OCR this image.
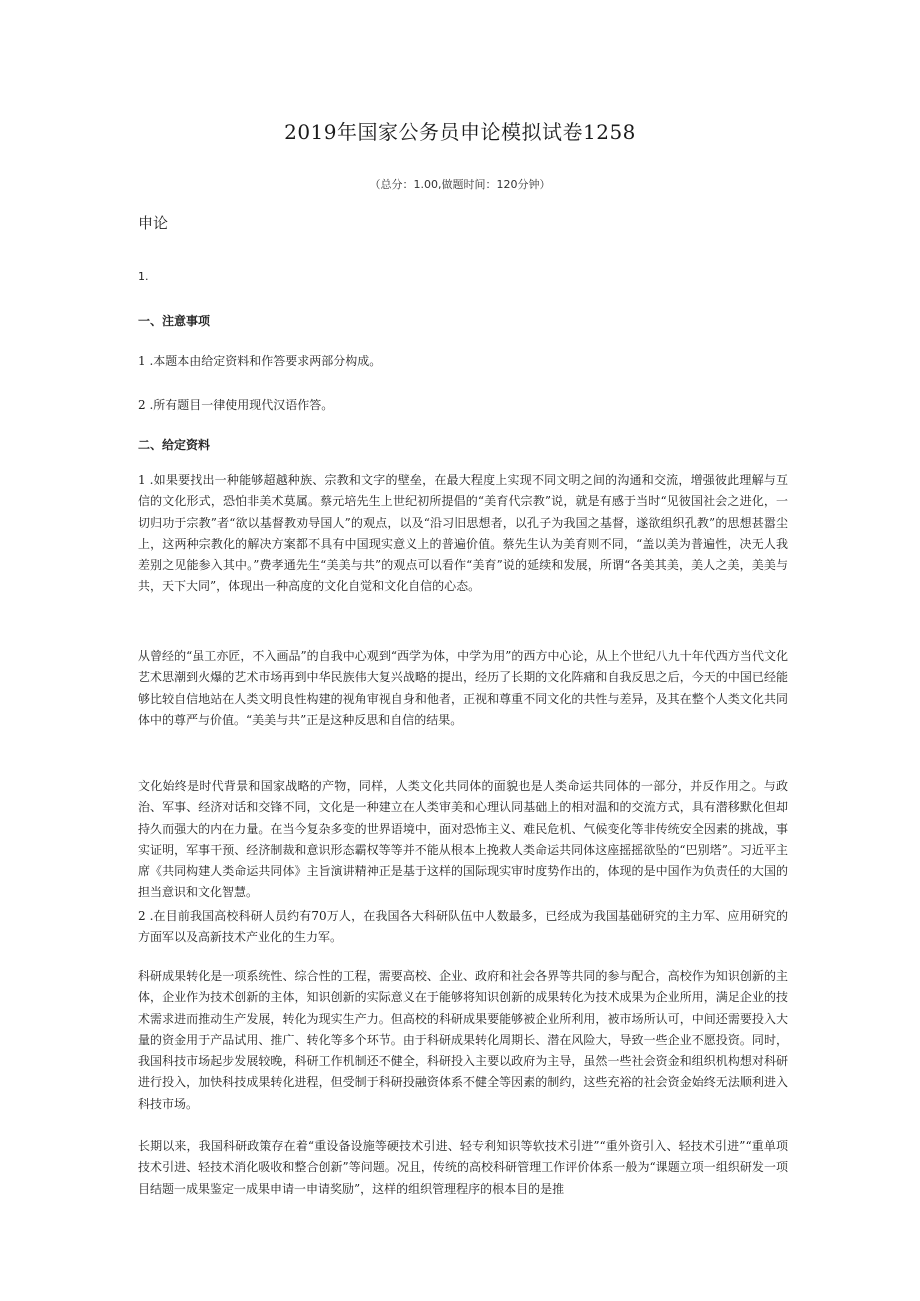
2019年国家公务员申论模拟试卷1258
（总分：1.00,做题时间：120分钟）
申论
1.
一、注意事项
1 .本题本由给定资料和作答要求两部分构成。
2 .所有题目一律使用现代汉语作答。
二、给定资料
1 .如果要找出一种能够超越种族、宗教和文字的壁垒，在最大程度上实现不同文明之间的沟通和交流，增强彼此理解与互信的文化形式，恐怕非美术莫属。蔡元培先生上世纪初所提倡的“美育代宗教”说，就是有感于当时“见彼国社会之进化，一切归功于宗教”者“欲以基督教劝导国人”的观点，以及“沿习旧思想者，以孔子为我国之基督，遂欲组织孔教”的思想甚嚣尘上，这两种宗教化的解决方案都不具有中国现实意义上的普遍价值。蔡先生认为美育则不同，“盖以美为普遍性，决无人我差别之见能参入其中。”费孝通先生“美美与共”的观点可以看作“美育”说的延续和发展，所谓“各美其美，美人之美，美美与共，天下大同”，体现出一种高度的文化自觉和文化自信的心态。
从曾经的“虽工亦匠，不入画品”的自我中心观到“西学为体，中学为用”的西方中心论，从上个世纪八九十年代西方当代文化艺术思潮到火爆的艺术市场再到中华民族伟大复兴战略的提出，经历了长期的文化阵痛和自我反思之后，今天的中国已经能够比较自信地站在人类文明良性构建的视角审视自身和他者，正视和尊重不同文化的共性与差异，及其在整个人类文化共同体中的尊严与价值。“美美与共”正是这种反思和自信的结果。
文化始终是时代背景和国家战略的产物，同样，人类文化共同体的面貌也是人类命运共同体的一部分，并反作用之。与政治、军事、经济对话和交锋不同，文化是一种建立在人类审美和心理认同基础上的相对温和的交流方式，具有潜移默化但却持久而强大的内在力量。在当今复杂多变的世界语境中，面对恐怖主义、难民危机、气候变化等非传统安全因素的挑战，事实证明，军事干预、经济制裁和意识形态霸权等等并不能从根本上挽救人类命运共同体这座摇摇欲坠的“巴别塔”。习近平主席《共同构建人类命运共同体》主旨演讲精神正是基于这样的国际现实审时度势作出的，体现的是中国作为负责任的大国的担当意识和文化智慧。
2 .在目前我国高校科研人员约有70万人，在我国各大科研队伍中人数最多，已经成为我国基础研究的主力军、应用研究的方面军以及高新技术产业化的生力军。
科研成果转化是一项系统性、综合性的工程，需要高校、企业、政府和社会各界等共同的参与配合，高校作为知识创新的主体，企业作为技术创新的主体，知识创新的实际意义在于能够将知识创新的成果转化为技术成果为企业所用，满足企业的技术需求进而推动生产发展，转化为现实生产力。但高校的科研成果要能够被企业所利用，被市场所认可，中间还需要投入大量的资金用于产品试用、推广、转化等多个环节。由于科研成果转化周期长、潜在风险大，导致一些企业不愿投资。同时，我国科技市场起步发展较晚，科研工作机制还不健全，科研投入主要以政府为主导，虽然一些社会资金和组织机构想对科研进行投入，加快科技成果转化进程，但受制于科研投融资体系不健全等因素的制约，这些充裕的社会资金始终无法顺利进入科技市场。
长期以来，我国科研政策存在着“重设备设施等硬技术引进、轻专利知识等软技术引进”“重外资引入、轻技术引进”“重单项技术引进、轻技术消化吸收和整合创新”等问题。况且，传统的高校科研管理工作评价体系一般为“课题立项一组织研发一项目结题一成果鉴定一成果申请一申请奖励”，这样的组织管理程序的根本目的是推
